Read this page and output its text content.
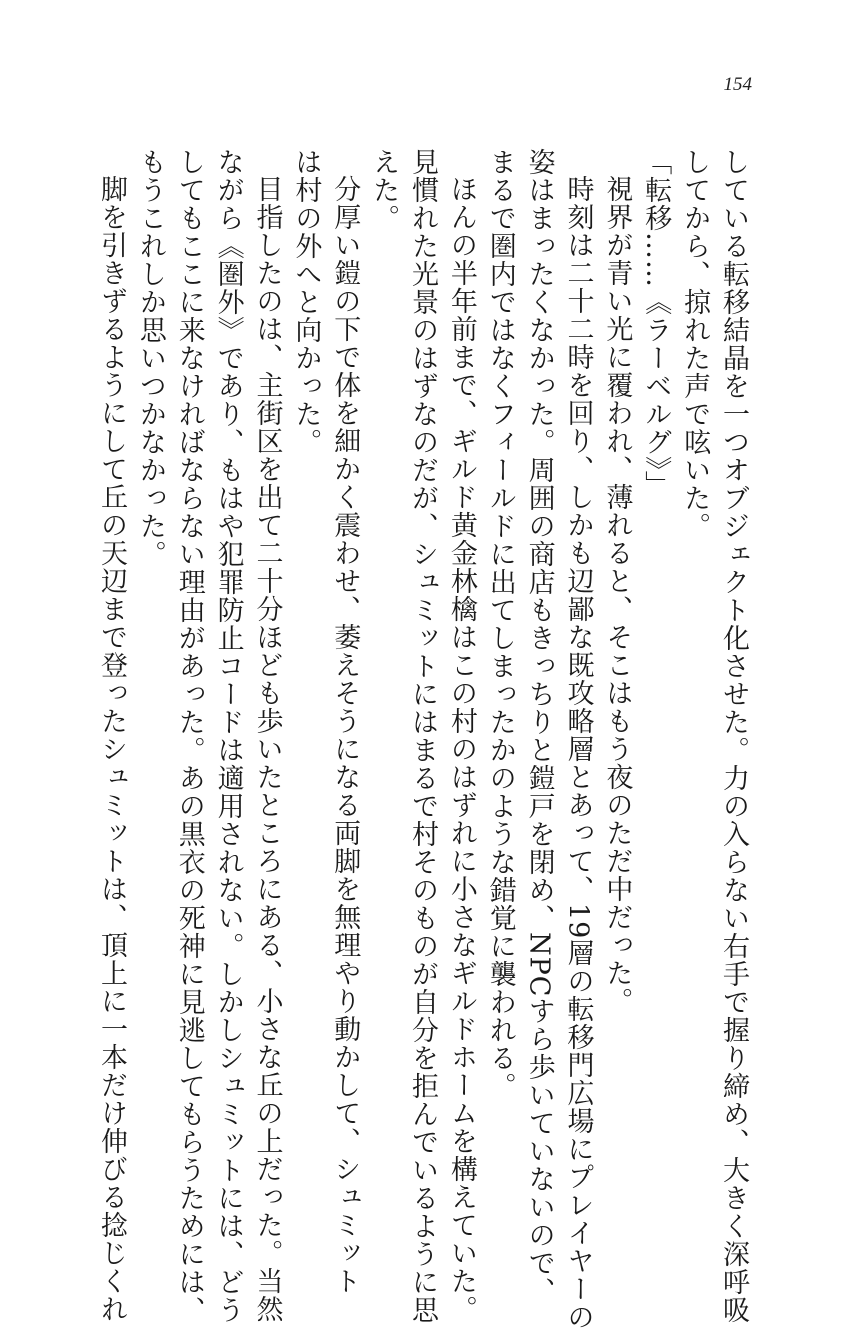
154
している転移結晶を一つオブジェクト化させた。力の入らない右手で握り締め、大きく深呼吸
してから、掠れた声で呟いた。
「転移……《ラーベルグ》」
視界が青い光に覆われ、薄れると、そこはもう夜のただ中だった。
時刻は二十二時を回り、しかも辺鄙な既攻略層とあって、19層の転移門広場にプレイヤーの
姿はまったくなかった。周囲の商店もきっちりと鎧戸を閉め、NPCすら歩いていないので、
まるで圏内ではなくフィールドに出てしまったかのような錯覚に襲われる。
ほんの半年前まで、ギルド黄金林檎はこの村のはずれに小さなギルドホームを構えていた。
見慣れた光景のはずなのだが、シュミットにはまるで村そのものが自分を拒んでいるように思
えた。
分厚い鎧の下で体を細かく震わせ、萎えそうになる両脚を無理やり動かして、シュミット
は村の外へと向かった。
目指したのは、主街区を出て二十分ほども歩いたところにある、小さな丘の上だった。当然
ながら《圏外》であり、もはや犯罪防止コードは適用されない。しかしシュミットには、どう
してもここに来なければならない理由があった。あの黒衣の死神に見逃してもらうためには、
もうこれしか思いつかなかった。
脚を引きずるようにして丘の天辺まで登ったシュミットは、頂上に一本だけ伸びる捻じくれ
